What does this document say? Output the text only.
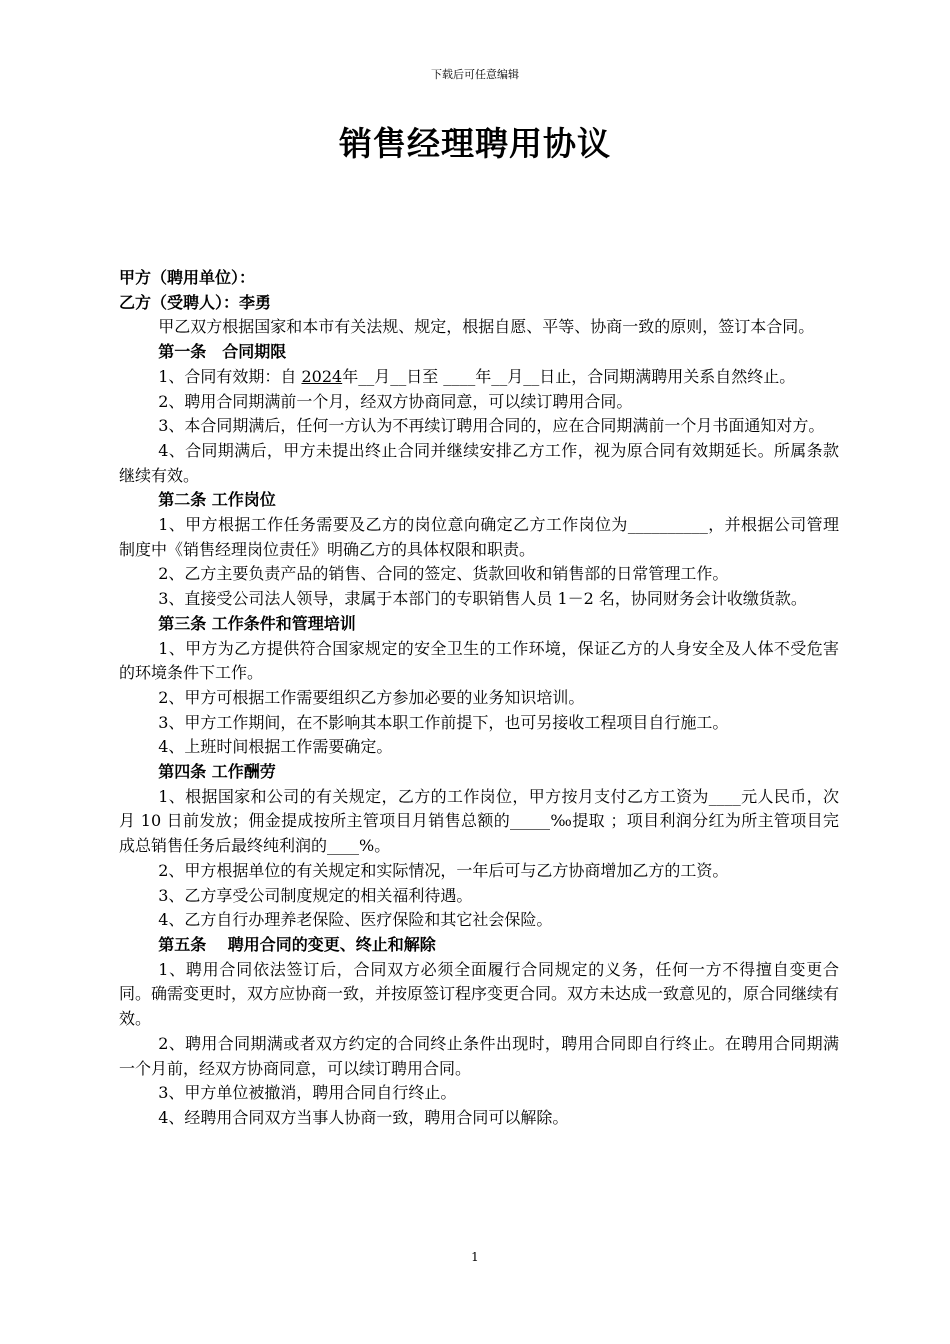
下载后可任意编辑
销售经理聘用协议
甲方（聘用单位）：
乙方（受聘人）：李勇
甲乙双方根据国家和本市有关法规、规定，根据自愿、平等、协商一致的原则，签订本合同。
第一条　合同期限
1、合同有效期：自 2024年__月__日至 ____年__月__日止，合同期满聘用关系自然终止。
2、聘用合同期满前一个月，经双方协商同意，可以续订聘用合同。
3、本合同期满后，任何一方认为不再续订聘用合同的，应在合同期满前一个月书面通知对方。
4、合同期满后，甲方未提出终止合同并继续安排乙方工作，视为原合同有效期延长。所属条款继续有效。
第二条 工作岗位
1、甲方根据工作任务需要及乙方的岗位意向确定乙方工作岗位为__________，并根据公司管理制度中《销售经理岗位责任》明确乙方的具体权限和职责。
2、乙方主要负责产品的销售、合同的签定、货款回收和销售部的日常管理工作。
3、直接受公司法人领导，隶属于本部门的专职销售人员 1－2 名，协同财务会计收缴货款。
第三条 工作条件和管理培训
1、甲方为乙方提供符合国家规定的安全卫生的工作环境，保证乙方的人身安全及人体不受危害的环境条件下工作。
2、甲方可根据工作需要组织乙方参加必要的业务知识培训。
3、甲方工作期间，在不影响其本职工作前提下，也可另接收工程项目自行施工。
4、上班时间根据工作需要确定。
第四条 工作酬劳
1、根据国家和公司的有关规定，乙方的工作岗位，甲方按月支付乙方工资为____元人民币，次月 10 日前发放；佣金提成按所主管项目月销售总额的_____‰提取 ；项目利润分红为所主管项目完成总销售任务后最终纯利润的____%。
2、甲方根据单位的有关规定和实际情况，一年后可与乙方协商增加乙方的工资。
3、乙方享受公司制度规定的相关福利待遇。
4、乙方自行办理养老保险、医疗保险和其它社会保险。
第五条　 聘用合同的变更、终止和解除
1、聘用合同依法签订后，合同双方必须全面履行合同规定的义务，任何一方不得擅自变更合同。确需变更时，双方应协商一致，并按原签订程序变更合同。双方未达成一致意见的，原合同继续有效。
2、聘用合同期满或者双方约定的合同终止条件出现时，聘用合同即自行终止。在聘用合同期满一个月前，经双方协商同意，可以续订聘用合同。
3、甲方单位被撤消，聘用合同自行终止。
4、经聘用合同双方当事人协商一致，聘用合同可以解除。
1
